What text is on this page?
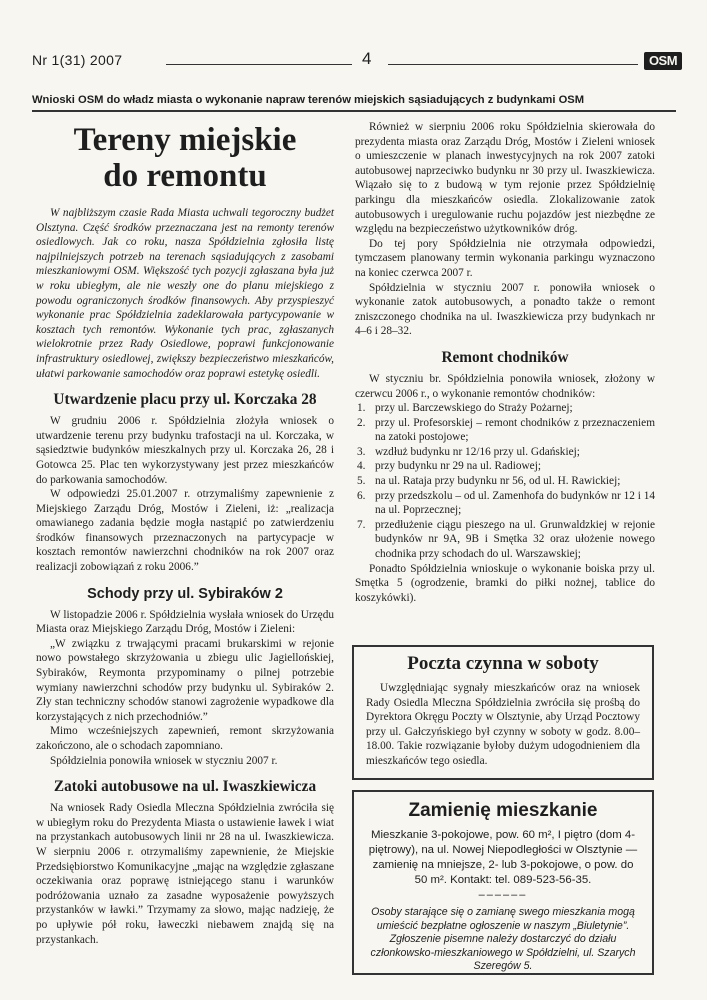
Nr 1(31) 2007	4	OSM
Wnioski OSM do władz miasta o wykonanie napraw terenów miejskich sąsiadujących z budynkami OSM
Tereny miejskie
do remontu

W najbliższym czasie Rada Miasta uchwali tegoroczny budżet Olsztyna. Część środków przeznaczana jest na remonty terenów osiedlowych. Jak co roku, nasza Spółdzielnia zgłosiła listę najpilniejszych potrzeb na terenach sąsiadujących z zasobami mieszkaniowymi OSM. Większość tych pozycji zgłaszana była już w roku ubiegłym, ale nie weszły one do planu miejskiego z powodu ograniczonych środków finansowych. Aby przyspieszyć wykonanie prac Spółdzielnia zadeklarowała partycypowanie w kosztach tych remontów. Wykonanie tych prac, zgłaszanych wielokrotnie przez Rady Osiedlowe, poprawi funkcjonowanie infrastruktury osiedlowej, zwiększy bezpieczeństwo mieszkańców, ułatwi parkowanie samochodów oraz poprawi estetykę osiedli.

Utwardzenie placu przy ul. Korczaka 28

W grudniu 2006 r. Spółdzielnia złożyła wniosek o utwardzenie terenu przy budynku trafostacji na ul. Korczaka, w sąsiedztwie budynków mieszkalnych przy ul. Korczaka 26, 28 i Gotowca 25. Plac ten wykorzystywany jest przez mieszkańców do parkowania samochodów.

W odpowiedzi 25.01.2007 r. otrzymaliśmy zapewnienie z Miejskiego Zarządu Dróg, Mostów i Zieleni, iż: „realizacja omawianego zadania będzie mogła nastąpić po zatwierdzeniu środków finansowych przeznaczonych na partycypacje w kosztach remontów nawierzchni chodników na rok 2007 oraz realizacji zobowiązań z roku 2006.”

Schody przy ul. Sybiraków 2

W listopadzie 2006 r. Spółdzielnia wysłała wniosek do Urzędu Miasta oraz Miejskiego Zarządu Dróg, Mostów i Zieleni:

„W związku z trwającymi pracami brukarskimi w rejonie nowo powstałego skrzyżowania u zbiegu ulic Jagiellońskiej, Sybiraków, Reymonta przypominamy o pilnej potrzebie wymiany nawierzchni schodów przy budynku ul. Sybiraków 2. Zły stan techniczny schodów stanowi zagrożenie wypadkowe dla korzystających z nich przechodniów.”

Mimo wcześniejszych zapewnień, remont skrzyżowania zakończono, ale o schodach zapomniano.

Spółdzielnia ponowiła wniosek w styczniu 2007 r.

Zatoki autobusowe na ul. Iwaszkiewicza

Na wniosek Rady Osiedla Mleczna Spółdzielnia zwróciła się w ubiegłym roku do Prezydenta Miasta o ustawienie ławek i wiat na przystankach autobusowych linii nr 28 na ul. Iwaszkiewicza. W sierpniu 2006 r. otrzymaliśmy zapewnienie, że Miejskie Przedsiębiorstwo Komunikacyjne „mając na względzie zgłaszane oczekiwania oraz poprawę istniejącego stanu i warunków podróżowania uznało za zasadne wyposażenie powyższych przystanków w ławki.” Trzymamy za słowo, mając nadzieję, że po upływie pół roku, ławeczki niebawem znajdą się na przystankach.

Również w sierpniu 2006 roku Spółdzielnia skierowała do prezydenta miasta oraz Zarządu Dróg, Mostów i Zieleni wniosek o umieszczenie w planach inwestycyjnych na rok 2007 zatoki autobusowej naprzeciwko budynku nr 30 przy ul. Iwaszkiewicza. Wiązało się to z budową w tym rejonie przez Spółdzielnię parkingu dla mieszkańców osiedla. Zlokalizowanie zatok autobusowych i uregulowanie ruchu pojazdów jest niezbędne ze względu na bezpieczeństwo użytkowników dróg.

Do tej pory Spółdzielnia nie otrzymała odpowiedzi, tymczasem planowany termin wykonania parkingu wyznaczono na koniec czerwca 2007 r.

Spółdzielnia w styczniu 2007 r. ponowiła wniosek o wykonanie zatok autobusowych, a ponadto także o remont zniszczonego chodnika na ul. Iwaszkiewicza przy budynkach nr 4–6 i 28–32.

Remont chodników

W styczniu br. Spółdzielnia ponowiła wniosek, złożony w czerwcu 2006 r., o wykonanie remontów chodników:

1. przy ul. Barczewskiego do Straży Pożarnej;
2. przy ul. Profesorskiej – remont chodników z przeznaczeniem na zatoki postojowe;
3. wzdłuż budynku nr 12/16 przy ul. Gdańskiej;
4. przy budynku nr 29 na ul. Radiowej;
5. na ul. Rataja przy budynku nr 56, od ul. H. Rawickiej;
6. przy przedszkolu – od ul. Zamenhofa do budynków nr 12 i 14 na ul. Poprzecznej;
7. przedłużenie ciągu pieszego na ul. Grunwaldzkiej w rejonie budynków nr 9A, 9B i Smętka 32 oraz ułożenie nowego chodnika przy schodach do ul. Warszawskiej;

Ponadto Spółdzielnia wnioskuje o wykonanie boiska przy ul. Smętka 5 (ogrodzenie, bramki do piłki nożnej, tablice do koszykówki).

Poczta czynna w soboty

Uwzględniając sygnały mieszkańców oraz na wniosek Rady Osiedla Mleczna Spółdzielnia zwróciła się prośbą do Dyrektora Okręgu Poczty w Olsztynie, aby Urząd Pocztowy przy ul. Gałczyńskiego był czynny w soboty w godz. 8.00–18.00. Takie rozwiązanie byłoby dużym udogodnieniem dla mieszkańców tego osiedla.

Zamienię mieszkanie
Mieszkanie 3-pokojowe, pow. 60 m², I piętro (dom 4-piętrowy), na ul. Nowej Niepodległości w Olsztynie — zamienię na mniejsze, 2- lub 3-pokojowe, o pow. do 50 m². Kontakt: tel. 089-523-56-35.
––––––
Osoby starające się o zamianę swego mieszkania mogą umieścić bezpłatne ogłoszenie w naszym „Biuletynie”. Zgłoszenie pisemne należy dostarczyć do działu członkowsko-mieszkaniowego w Spółdzielni, ul. Szarych Szeregów 5.
